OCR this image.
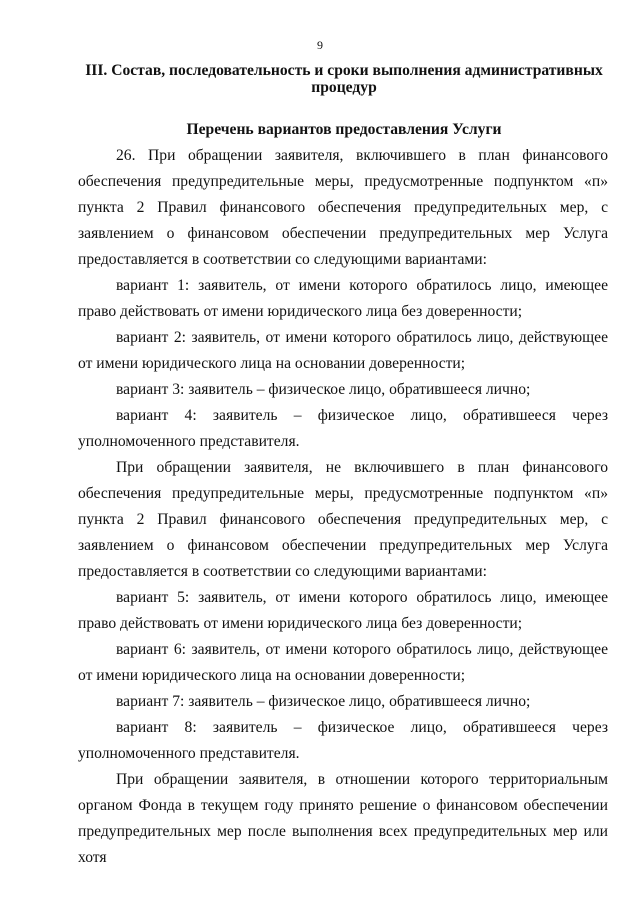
9
III. Состав, последовательность и сроки выполнения административных процедур
Перечень вариантов предоставления Услуги

26. При обращении заявителя, включившего в план финансового обеспечения предупредительные меры, предусмотренные подпунктом «п» пункта 2 Правил финансового обеспечения предупредительных мер, с заявлением о финансовом обеспечении предупредительных мер Услуга предоставляется в соответствии со следующими вариантами:

вариант 1: заявитель, от имени которого обратилось лицо, имеющее право действовать от имени юридического лица без доверенности;

вариант 2: заявитель, от имени которого обратилось лицо, действующее от имени юридического лица на основании доверенности;

вариант 3: заявитель – физическое лицо, обратившееся лично;

вариант 4: заявитель – физическое лицо, обратившееся через уполномоченного представителя.

При обращении заявителя, не включившего в план финансового обеспечения предупредительные меры, предусмотренные подпунктом «п» пункта 2 Правил финансового обеспечения предупредительных мер, с заявлением о финансовом обеспечении предупредительных мер Услуга предоставляется в соответствии со следующими вариантами:

вариант 5: заявитель, от имени которого обратилось лицо, имеющее право действовать от имени юридического лица без доверенности;

вариант 6: заявитель, от имени которого обратилось лицо, действующее от имени юридического лица на основании доверенности;

вариант 7: заявитель – физическое лицо, обратившееся лично;

вариант 8: заявитель – физическое лицо, обратившееся через уполномоченного представителя.

При обращении заявителя, в отношении которого территориальным органом Фонда в текущем году принято решение о финансовом обеспечении предупредительных мер после выполнения всех предупредительных мер или хотя
